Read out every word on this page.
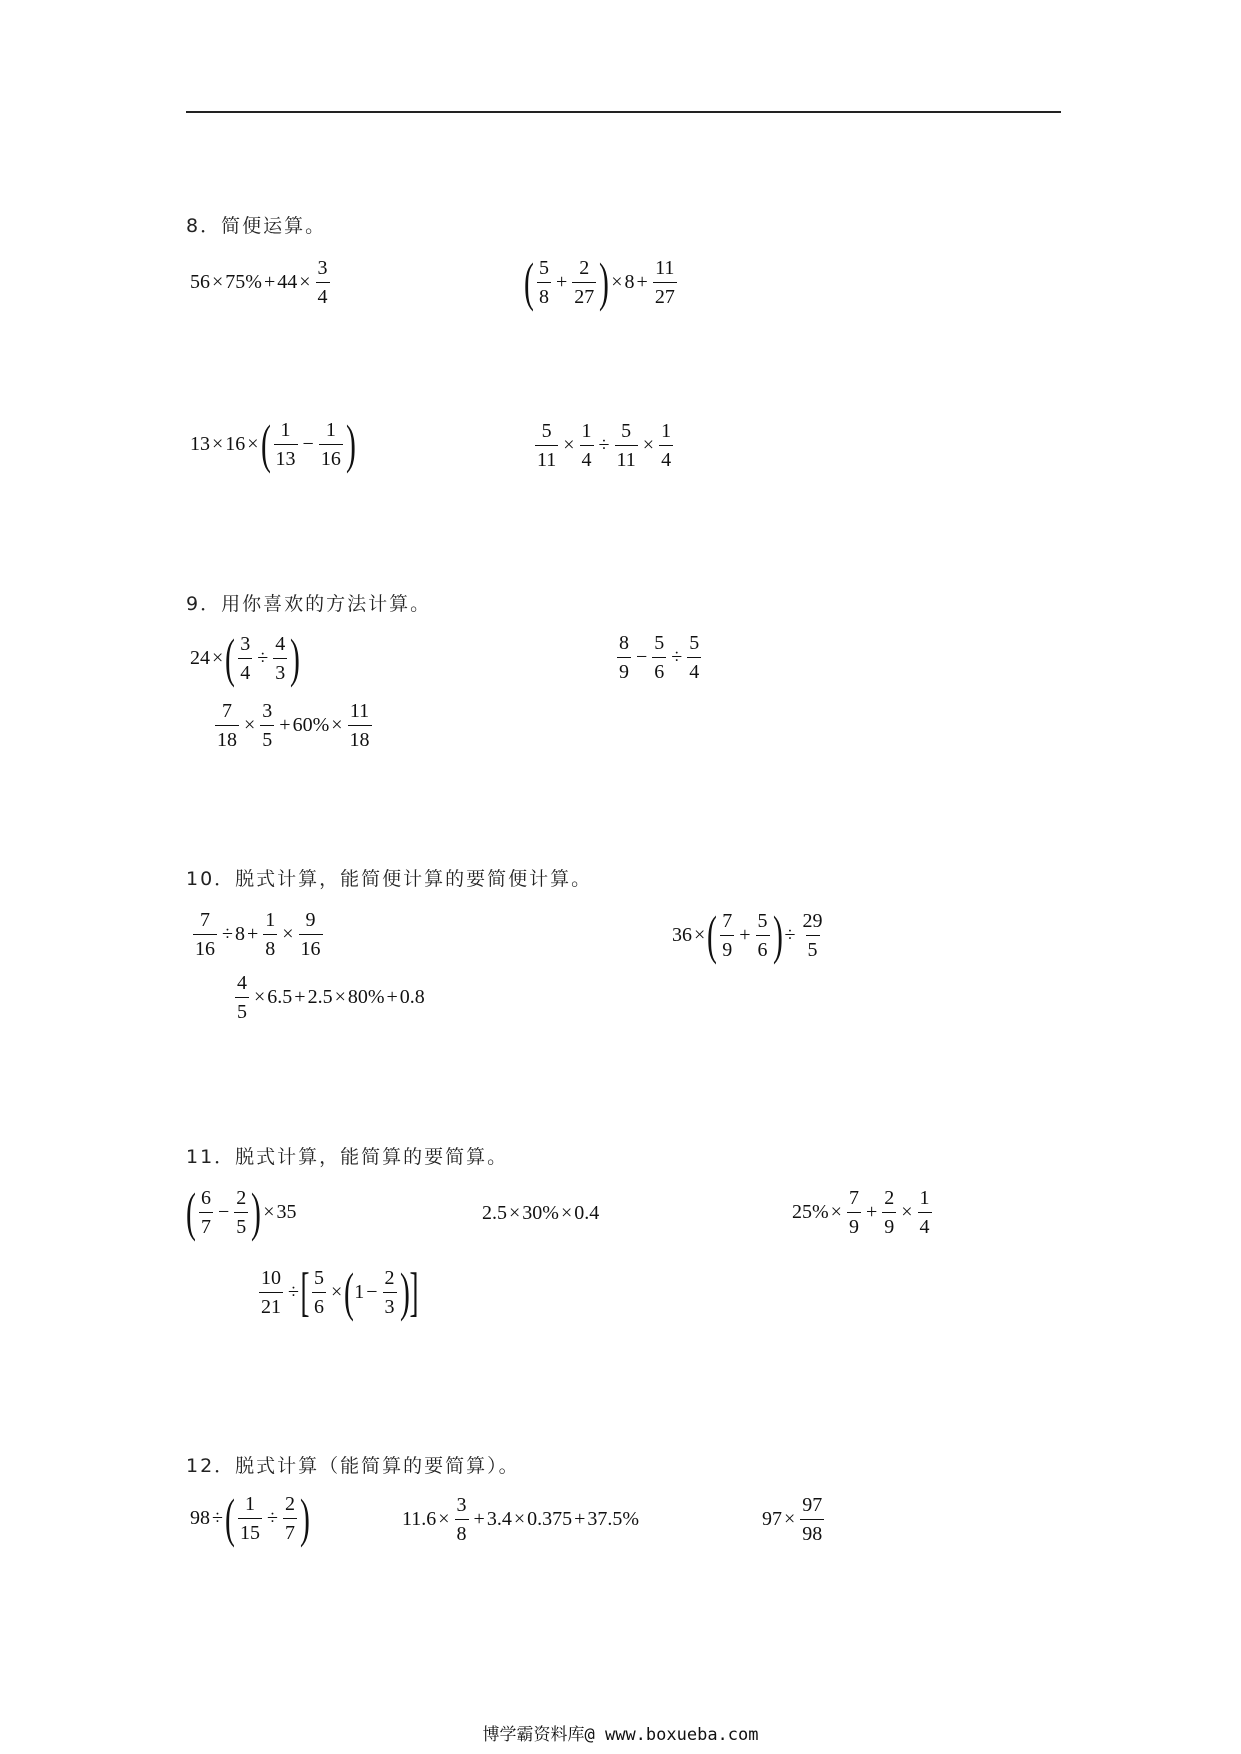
8．简便运算。
$56 \times 75\% + 44 \times \frac{3}{4}$	( $\frac{5}{8} + \frac{2}{27}$ ) × $8 + \frac{11}{27}$
13 × 16 × ( $\frac{1}{13} - \frac{1}{16}$ )	$\frac{5}{11} \times \frac{1}{4} \div \frac{5}{11} \times \frac{1}{4}$
9．用你喜欢的方法计算。
24 × ( $\frac{3}{4} \div \frac{4}{3}$ )	$\frac{8}{9} - \frac{5}{6} \div \frac{5}{4}$
$\frac{7}{18} \times \frac{3}{5} + 60\% \times \frac{11}{18}$
10．脱式计算，能简便计算的要简便计算。
$\frac{7}{16} \div 8 + \frac{1}{8} \times \frac{9}{16}$	36 × ( $\frac{7}{9} + \frac{5}{6}$ ) ÷ $\frac{29}{5}$
$\frac{4}{5} \times 6.5 + 2.5 \times 80\% + 0.8$
11．脱式计算，能简算的要简算。
( $\frac{6}{7} - \frac{2}{5}$ ) × 35	2.5 × 30% × 0.4	$25\% \times \frac{7}{9} + \frac{2}{9} \times \frac{1}{4}$
$\frac{10}{21}$ ÷ [ $\frac{5}{6}$ × ( $1 - \frac{2}{3}$ ) ]
12．脱式计算（能简算的要简算）。
98 ÷ ( $\frac{1}{15} \div \frac{2}{7}$ )	$11.6 \times \frac{3}{8} + 3.4 \times 0.375 + 37.5\%$	$97 \times \frac{97}{98}$
博学霸资料库@ www.boxueba.com
